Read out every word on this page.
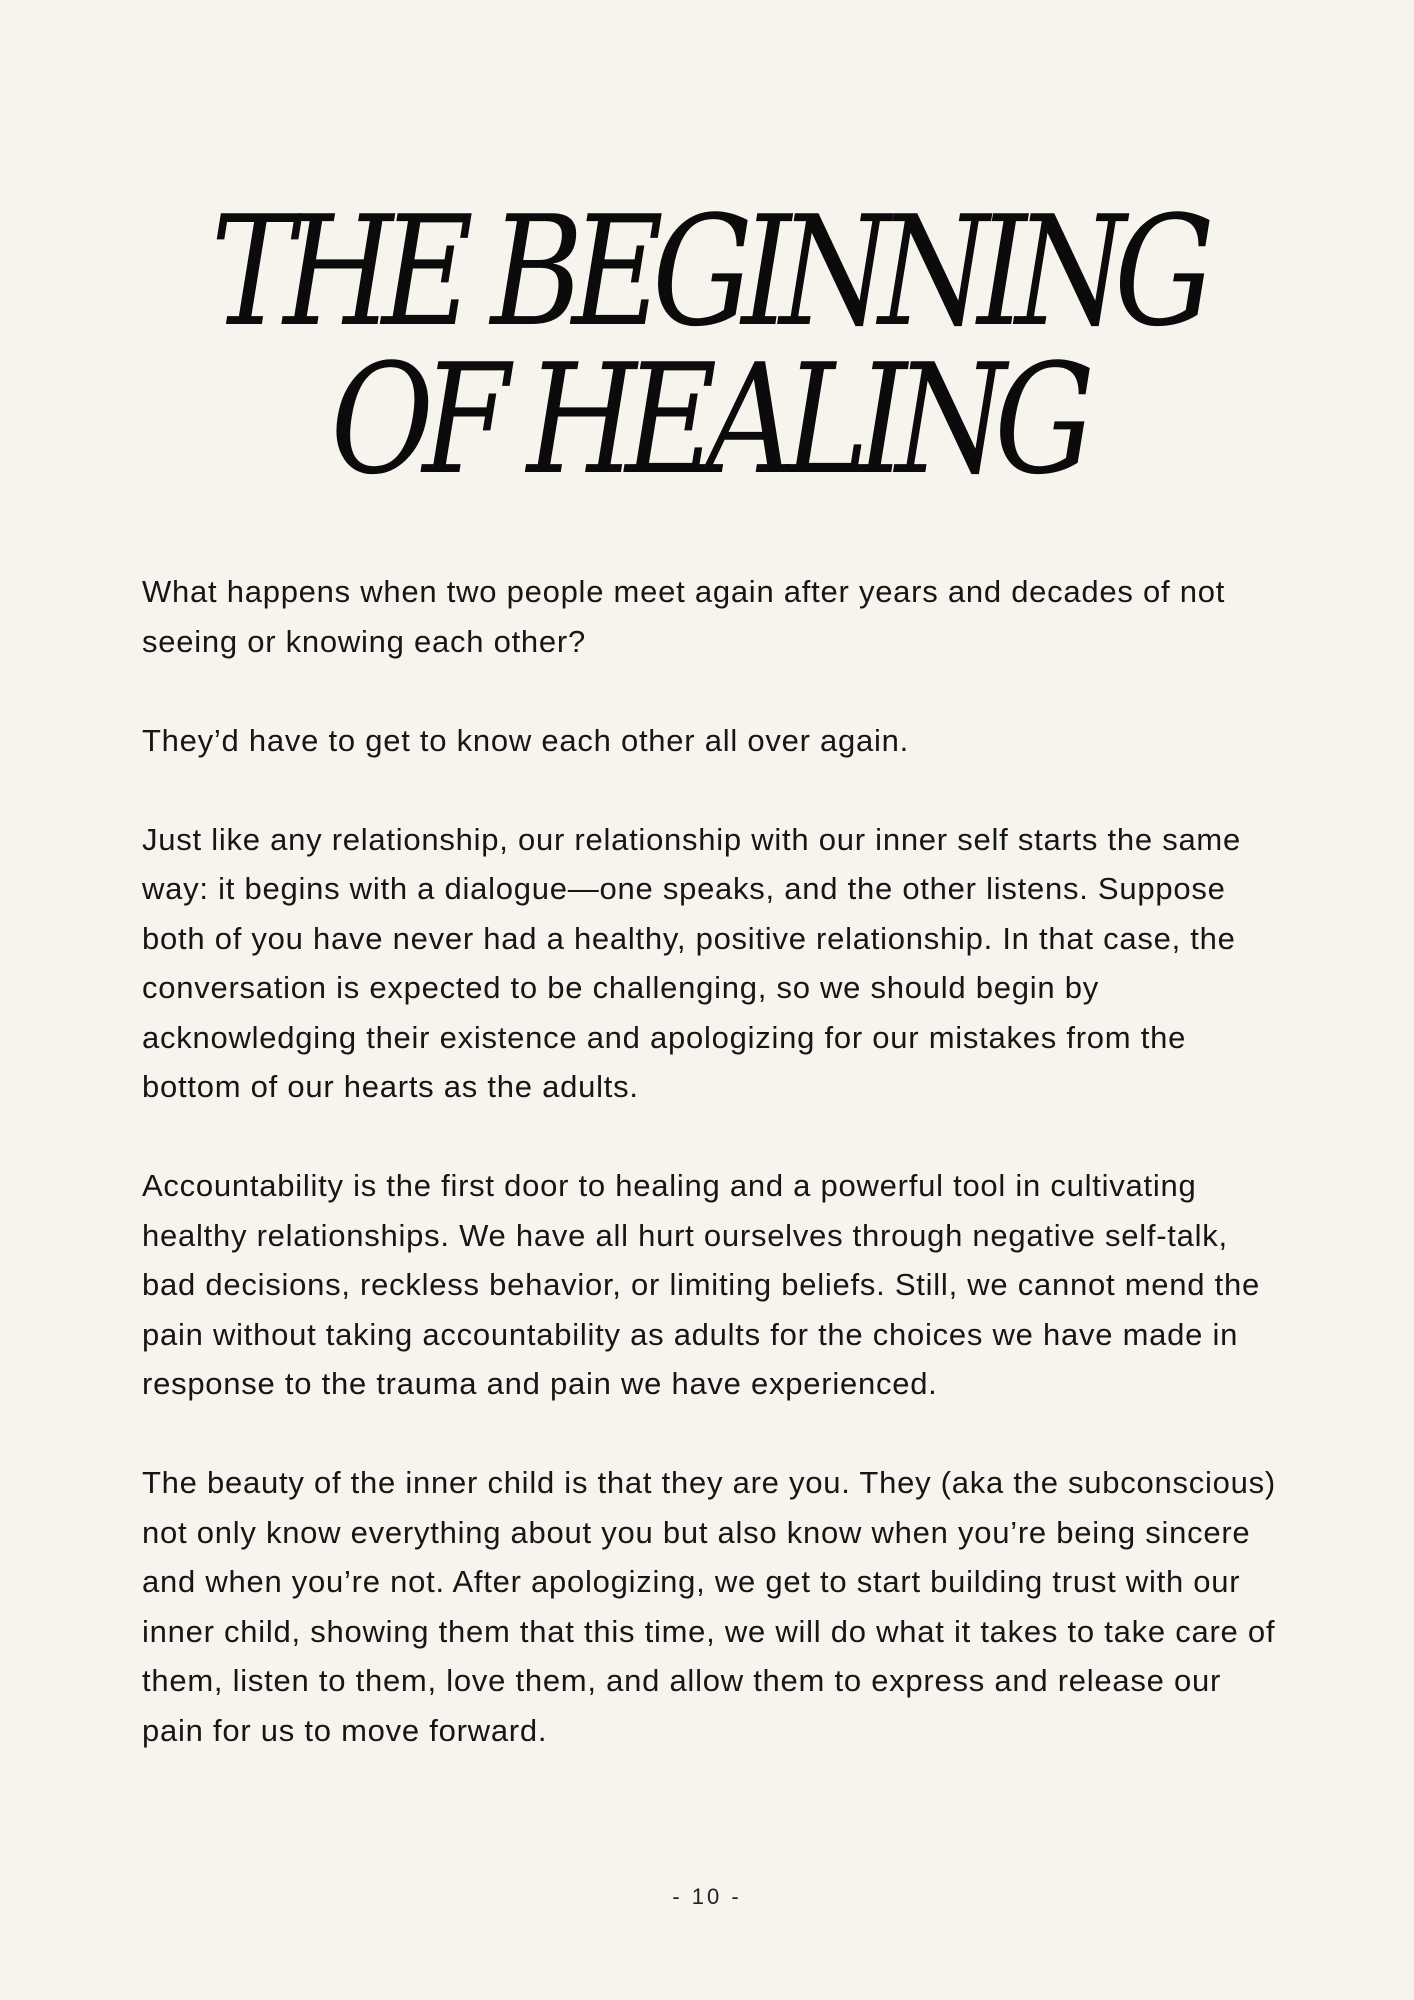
THE BEGINNING
OF HEALING

What happens when two people meet again after years and decades of not seeing or knowing each other?

They’d have to get to know each other all over again.

Just like any relationship, our relationship with our inner self starts the same way: it begins with a dialogue—one speaks, and the other listens. Suppose both of you have never had a healthy, positive relationship. In that case, the conversation is expected to be challenging, so we should begin by acknowledging their existence and apologizing for our mistakes from the bottom of our hearts as the adults.

Accountability is the first door to healing and a powerful tool in cultivating healthy relationships. We have all hurt ourselves through negative self-talk, bad decisions, reckless behavior, or limiting beliefs. Still, we cannot mend the pain without taking accountability as adults for the choices we have made in response to the trauma and pain we have experienced.

The beauty of the inner child is that they are you. They (aka the subconscious) not only know everything about you but also know when you’re being sincere and when you’re not. After apologizing, we get to start building trust with our inner child, showing them that this time, we will do what it takes to take care of them, listen to them, love them, and allow them to express and release our pain for us to move forward.

- 10 -
